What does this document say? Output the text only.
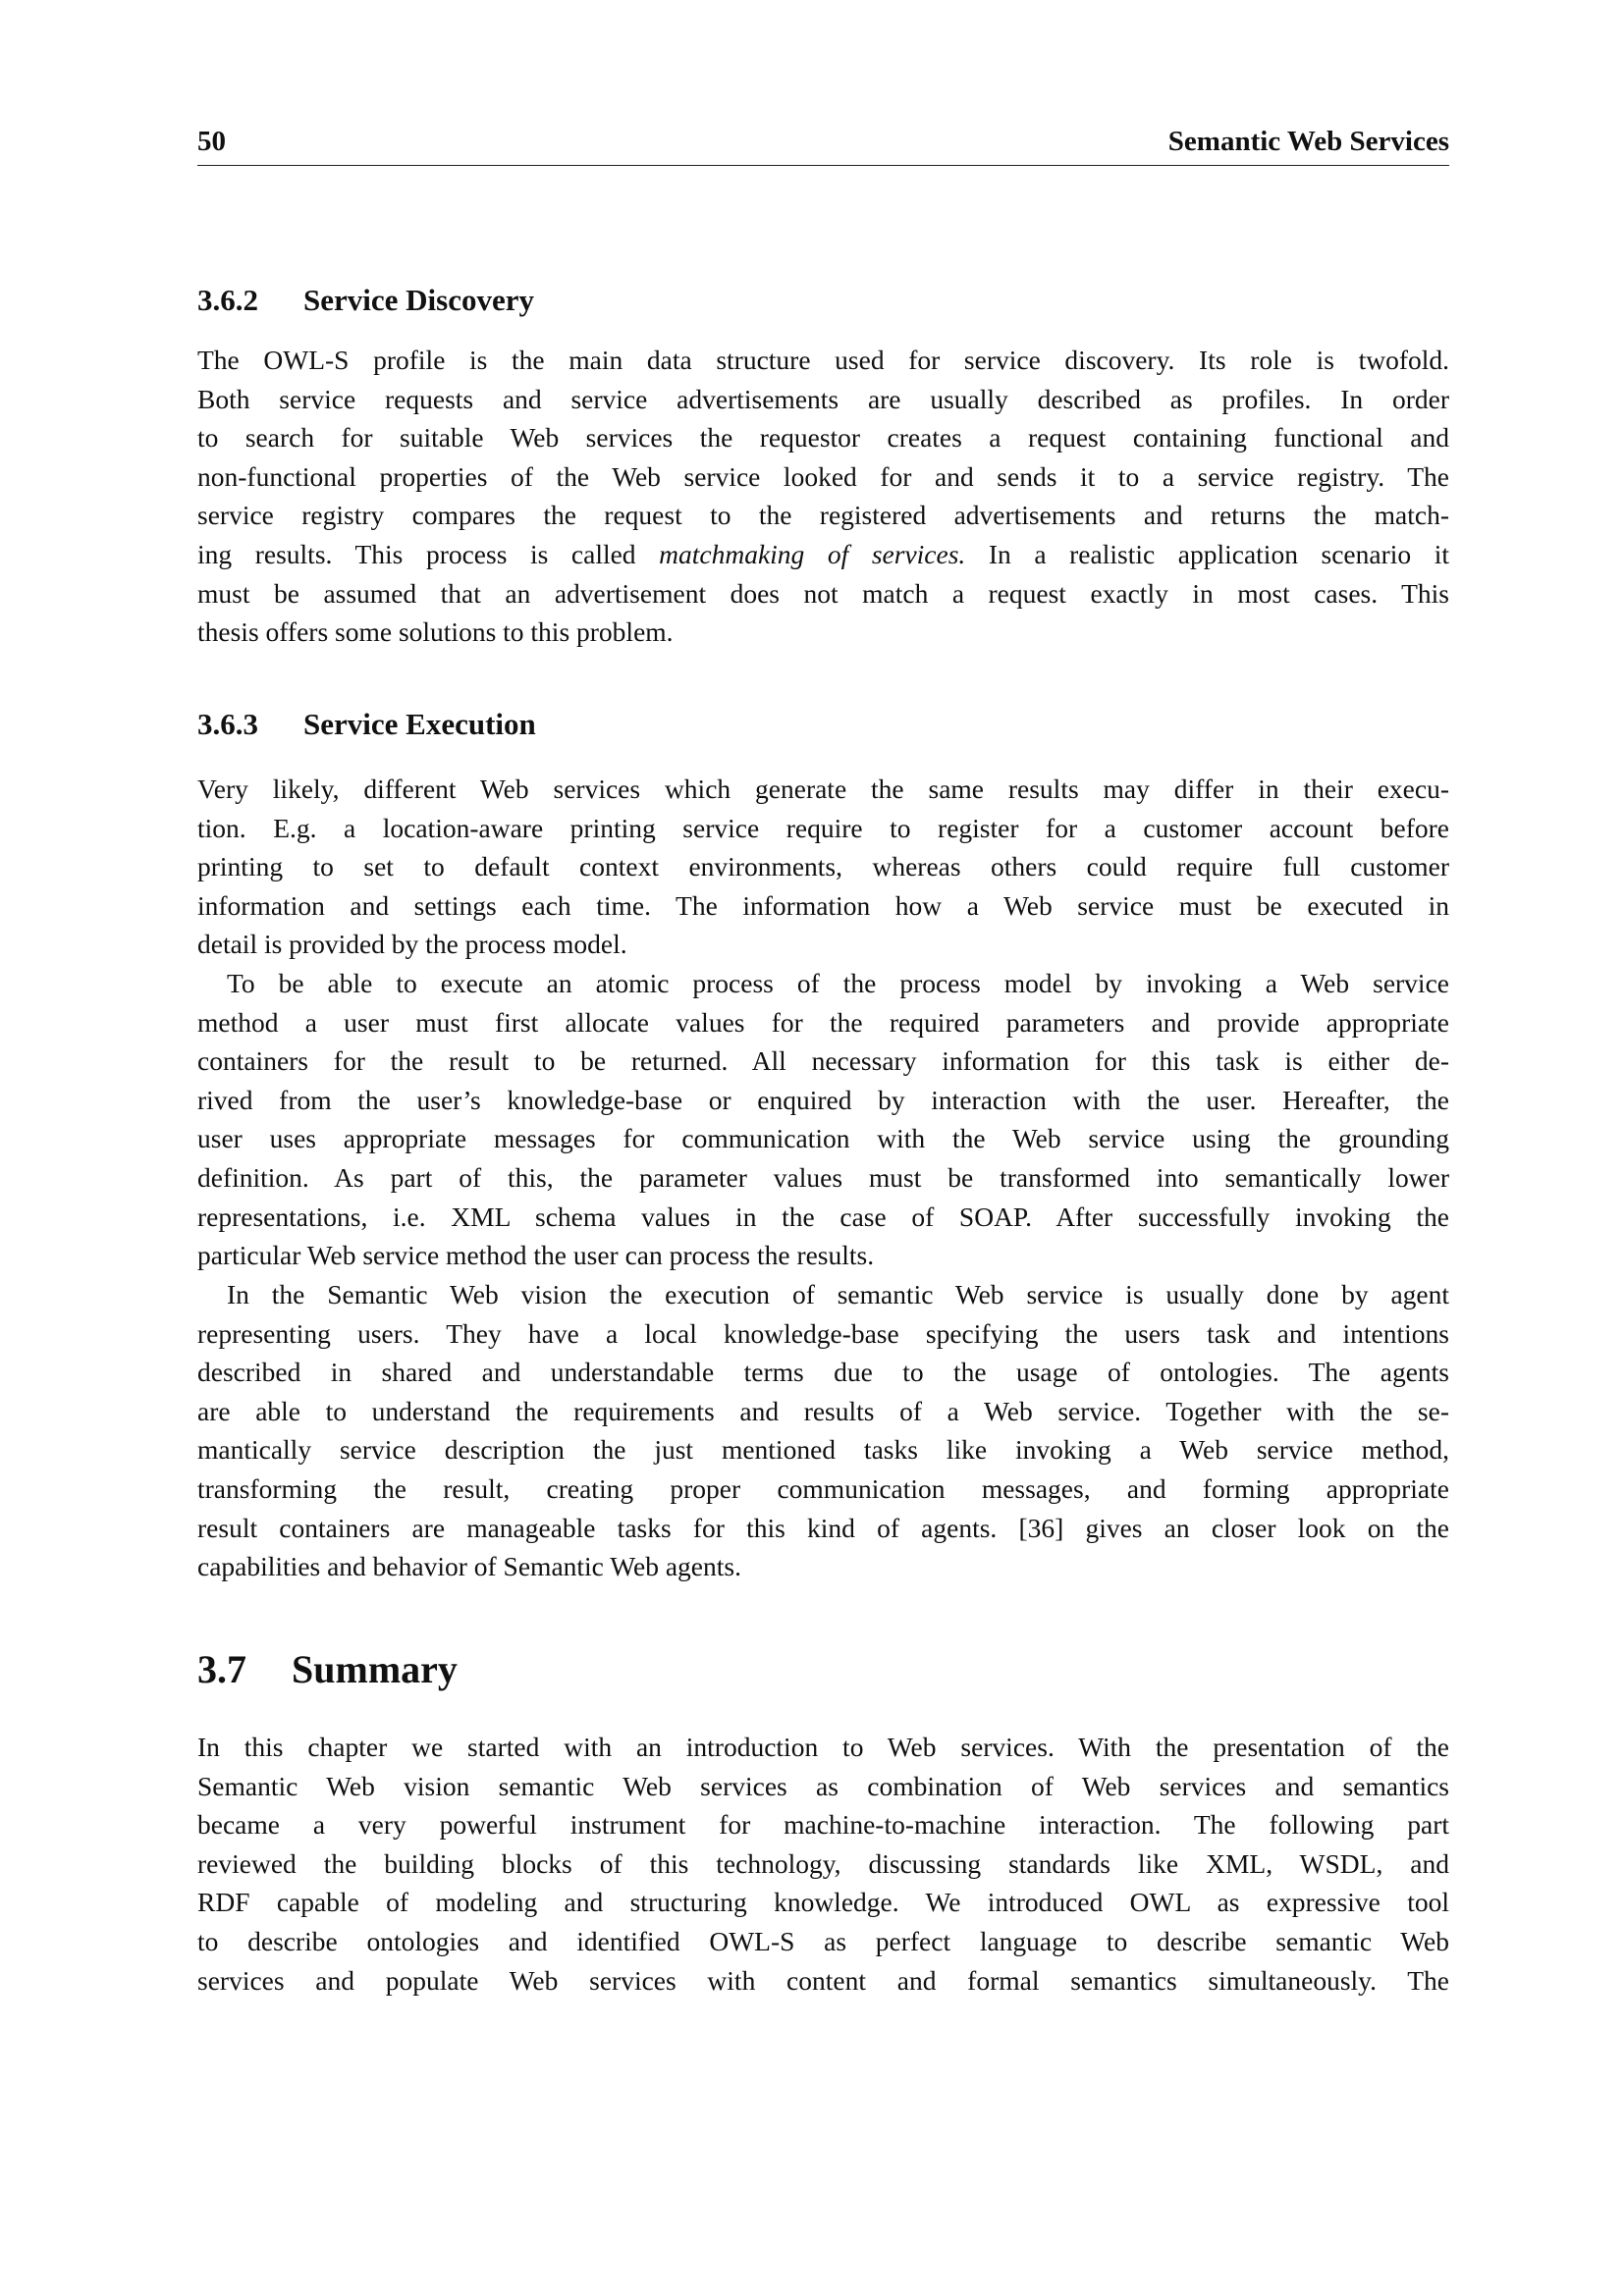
50	Semantic Web Services
3.6.2 Service Discovery
The OWL-S profile is the main data structure used for service discovery. Its role is twofold.
Both service requests and service advertisements are usually described as profiles. In order
to search for suitable Web services the requestor creates a request containing functional and
non-functional properties of the Web service looked for and sends it to a service registry. The
service registry compares the request to the registered advertisements and returns the match-
ing results. This process is called matchmaking of services. In a realistic application scenario it
must be assumed that an advertisement does not match a request exactly in most cases. This
thesis offers some solutions to this problem.
3.6.3 Service Execution
Very likely, different Web services which generate the same results may differ in their execu-
tion. E.g. a location-aware printing service require to register for a customer account before
printing to set to default context environments, whereas others could require full customer
information and settings each time. The information how a Web service must be executed in
detail is provided by the process model.
To be able to execute an atomic process of the process model by invoking a Web service
method a user must first allocate values for the required parameters and provide appropriate
containers for the result to be returned. All necessary information for this task is either de-
rived from the user’s knowledge-base or enquired by interaction with the user. Hereafter, the
user uses appropriate messages for communication with the Web service using the grounding
definition. As part of this, the parameter values must be transformed into semantically lower
representations, i.e. XML schema values in the case of SOAP. After successfully invoking the
particular Web service method the user can process the results.
In the Semantic Web vision the execution of semantic Web service is usually done by agent
representing users. They have a local knowledge-base specifying the users task and intentions
described in shared and understandable terms due to the usage of ontologies. The agents
are able to understand the requirements and results of a Web service. Together with the se-
mantically service description the just mentioned tasks like invoking a Web service method,
transforming the result, creating proper communication messages, and forming appropriate
result containers are manageable tasks for this kind of agents. [36] gives an closer look on the
capabilities and behavior of Semantic Web agents.
3.7 Summary
In this chapter we started with an introduction to Web services. With the presentation of the
Semantic Web vision semantic Web services as combination of Web services and semantics
became a very powerful instrument for machine-to-machine interaction. The following part
reviewed the building blocks of this technology, discussing standards like XML, WSDL, and
RDF capable of modeling and structuring knowledge. We introduced OWL as expressive tool
to describe ontologies and identified OWL-S as perfect language to describe semantic Web
services and populate Web services with content and formal semantics simultaneously. The
